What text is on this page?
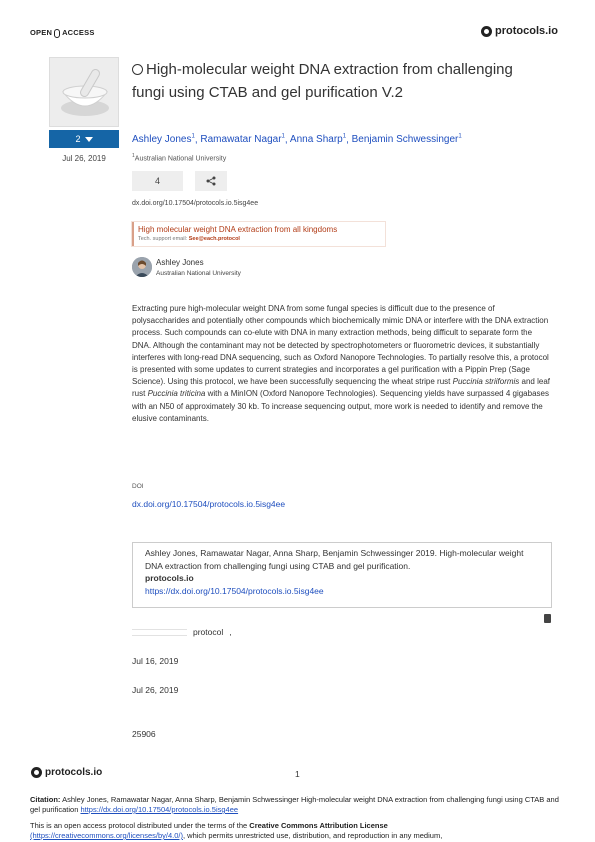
OPEN ACCESS	protocols.io
2
Jul 26, 2019
High-molecular weight DNA extraction from challenging fungi using CTAB and gel purification V.2
Ashley Jones$^1$, Ramawatar Nagar$^1$, Anna Sharp$^1$, Benjamin Schwessinger$^1$
$^1$Australian National University
4
dx.doi.org/10.17504/protocols.io.5isg4ee
High molecular weight DNA extraction from all kingdoms
Tech. support email: See@each.protocol
Ashley Jones
Australian National University

Extracting pure high-molecular weight DNA from some fungal species is difficult due to the presence of polysaccharides and potentially other compounds which biochemically mimic DNA or interfere with the DNA extraction process. Such compounds can co-elute with DNA in many extraction methods, being difficult to separate form the DNA. Although the contaminant may not be detected by spectrophotometers or fluorometric devices, it substantially interferes with long-read DNA sequencing, such as Oxford Nanopore Technologies. To partially resolve this, a protocol is presented with some updates to current strategies and incorporates a gel purification with a Pippin Prep (Sage Science). Using this protocol, we have been successfully sequencing the wheat stripe rust Puccinia striiformis and leaf rust Puccinia triticina with a MinION (Oxford Nanopore Technologies). Sequencing yields have surpassed 4 gigabases with an N50 of approximately 30 kb. To increase sequencing output, more work is needed to identify and remove the elusive contaminants.

DOI
dx.doi.org/10.17504/protocols.io.5isg4ee
Ashley Jones, Ramawatar Nagar, Anna Sharp, Benjamin Schwessinger 2019. High-molecular weight DNA extraction from challenging fungi using CTAB and gel purification.
protocols.io
https://dx.doi.org/10.17504/protocols.io.5isg4ee
protocol ,
Jul 16, 2019
Jul 26, 2019
25906
protocols.io	1

Citation: Ashley Jones, Ramawatar Nagar, Anna Sharp, Benjamin Schwessinger High-molecular weight DNA extraction from challenging fungi using CTAB and gel purification https://dx.doi.org/10.17504/protocols.io.5isg4ee

This is an open access protocol distributed under the terms of the Creative Commons Attribution License
(https://creativecommons.org/licenses/by/4.0/), which permits unrestricted use, distribution, and reproduction in any medium,
